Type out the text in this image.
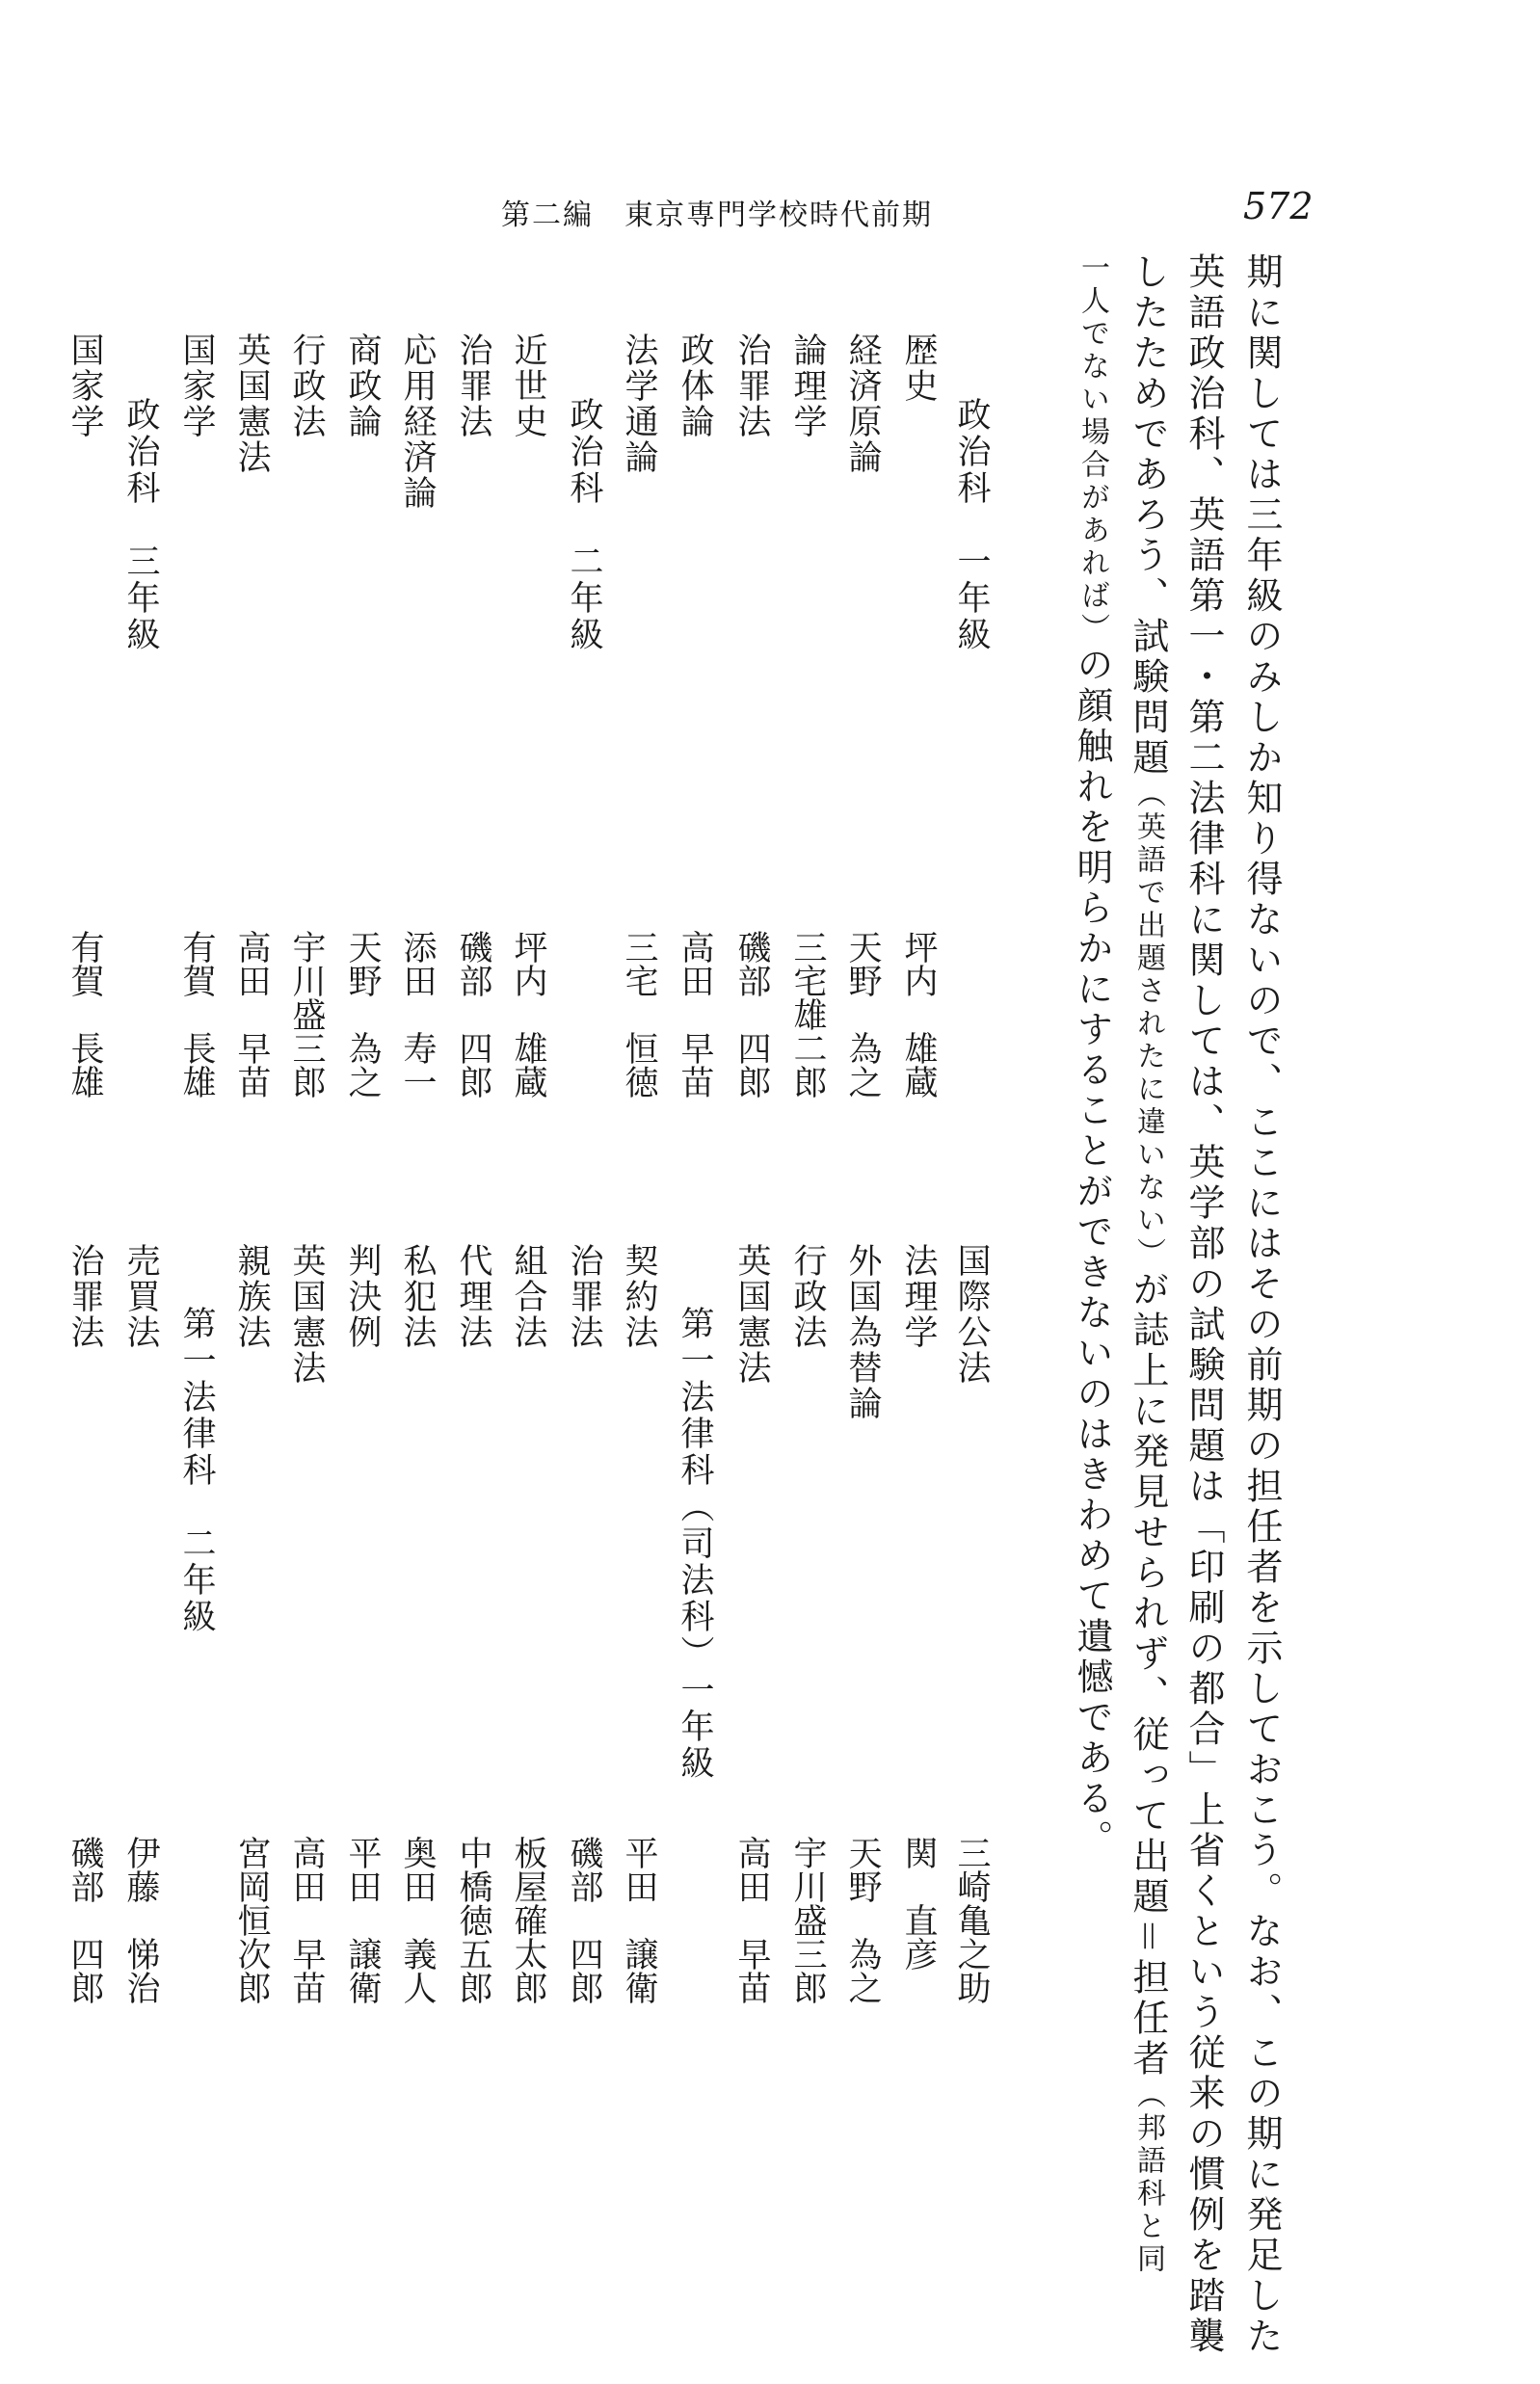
第二編　東京専門学校時代前期	572
期に関しては三年級のみしか知り得ないので、ここにはその前期の担任者を示しておこう。なお、この期に発足した
英語政治科、英語第一・第二法律科に関しては、英学部の試験問題は「印刷の都合」上省くという従来の慣例を踏襲
したためであろう、試験問題（英語で出題されたに違いない）が誌上に発見せられず、従って出題＝担任者（邦語科と同
一人でない場合があれば）の顔触れを明らかにすることができないのはきわめて遺憾である。
政治科　一年級
歴史
坪内　雄蔵
経済原論
天野　為之
論理学
三宅雄二郎
治罪法
磯部　四郎
政体論
高田　早苗
法学通論
三宅　恒徳
政治科　二年級
近世史
坪内　雄蔵
治罪法
磯部　四郎
応用経済論
添田　寿一
商政論
天野　為之
行政法
宇川盛三郎
英国憲法
高田　早苗
国家学
有賀　長雄
政治科　三年級
国家学
有賀　長雄
国際公法
三崎亀之助
法理学
関　直彦
外国為替論
天野　為之
行政法
宇川盛三郎
英国憲法
高田　早苗
第一法律科（司法科）一年級
契約法
平田　譲衛
治罪法
磯部　四郎
組合法
板屋確太郎
代理法
中橋徳五郎
私犯法
奥田　義人
判決例
平田　譲衛
英国憲法
高田　早苗
親族法
宮岡恒次郎
第一法律科　二年級
売買法
伊藤　悌治
治罪法
磯部　四郎
